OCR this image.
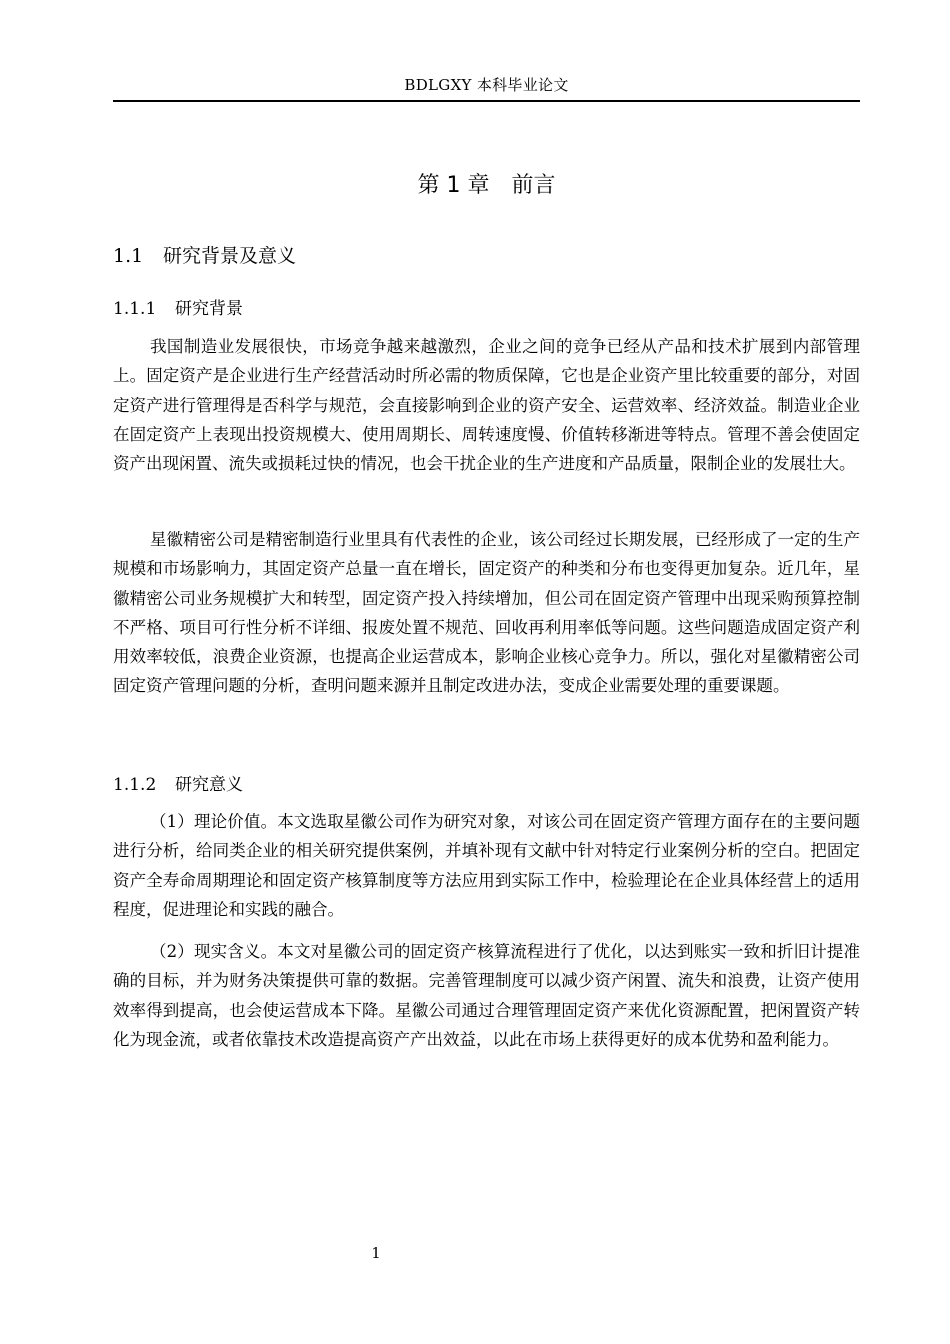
BDLGXY 本科毕业论文
第 1 章　前言
1.1 研究背景及意义
1.1.1 研究背景

我国制造业发展很快，市场竞争越来越激烈，企业之间的竞争已经从产品和技术扩展到内部管理上。固定资产是企业进行生产经营活动时所必需的物质保障，它也是企业资产里比较重要的部分，对固定资产进行管理得是否科学与规范，会直接影响到企业的资产安全、运营效率、经济效益。制造业企业在固定资产上表现出投资规模大、使用周期长、周转速度慢、价值转移渐进等特点。管理不善会使固定资产出现闲置、流失或损耗过快的情况，也会干扰企业的生产进度和产品质量，限制企业的发展壮大。

星徽精密公司是精密制造行业里具有代表性的企业，该公司经过长期发展，已经形成了一定的生产规模和市场影响力，其固定资产总量一直在增长，固定资产的种类和分布也变得更加复杂。近几年，星徽精密公司业务规模扩大和转型，固定资产投入持续增加，但公司在固定资产管理中出现采购预算控制不严格、项目可行性分析不详细、报废处置不规范、回收再利用率低等问题。这些问题造成固定资产利用效率较低，浪费企业资源，也提高企业运营成本，影响企业核心竞争力。所以，强化对星徽精密公司固定资产管理问题的分析，查明问题来源并且制定改进办法，变成企业需要处理的重要课题。

1.1.2 研究意义

（1）理论价值。本文选取星徽公司作为研究对象，对该公司在固定资产管理方面存在的主要问题进行分析，给同类企业的相关研究提供案例，并填补现有文献中针对特定行业案例分析的空白。把固定资产全寿命周期理论和固定资产核算制度等方法应用到实际工作中，检验理论在企业具体经营上的适用程度，促进理论和实践的融合。

（2）现实含义。本文对星徽公司的固定资产核算流程进行了优化，以达到账实一致和折旧计提准确的目标，并为财务决策提供可靠的数据。完善管理制度可以减少资产闲置、流失和浪费，让资产使用效率得到提高，也会使运营成本下降。星徽公司通过合理管理固定资产来优化资源配置，把闲置资产转化为现金流，或者依靠技术改造提高资产产出效益，以此在市场上获得更好的成本优势和盈利能力。

1
